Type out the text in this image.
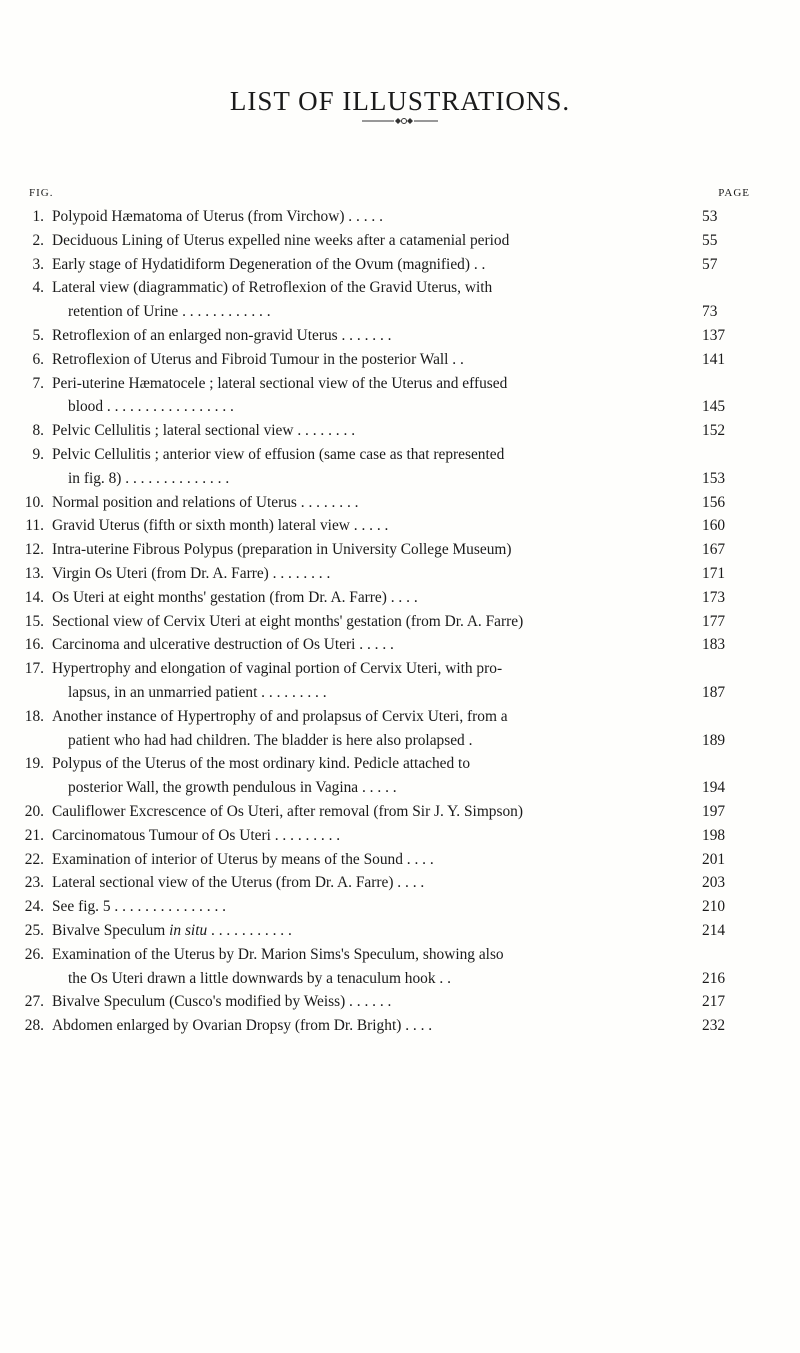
LIST OF ILLUSTRATIONS.
FIG.	PAGE
1. Polypoid Hæmatoma of Uterus (from Virchow) . . . . .	53
2. Deciduous Lining of Uterus expelled nine weeks after a catamenial period	55
3. Early stage of Hydatidiform Degeneration of the Ovum (magnified) . .	57
4. Lateral view (diagrammatic) of Retroflexion of the Gravid Uterus, with
retention of Urine . . . . . . . . . . . .	73
5. Retroflexion of an enlarged non-gravid Uterus . . . . . . .	137
6. Retroflexion of Uterus and Fibroid Tumour in the posterior Wall . .	141
7. Peri-uterine Hæmatocele ; lateral sectional view of the Uterus and effused
blood . . . . . . . . . . . . . . . . .	145
8. Pelvic Cellulitis ; lateral sectional view . . . . . . . .	152
9. Pelvic Cellulitis ; anterior view of effusion (same case as that represented
in fig. 8) . . . . . . . . . . . . . .	153
10. Normal position and relations of Uterus . . . . . . . .	156
11. Gravid Uterus (fifth or sixth month) lateral view . . . . .	160
12. Intra-uterine Fibrous Polypus (preparation in University College Museum)	167
13. Virgin Os Uteri (from Dr. A. Farre) . . . . . . . .	171
14. Os Uteri at eight months' gestation (from Dr. A. Farre) . . . .	173
15. Sectional view of Cervix Uteri at eight months' gestation (from Dr. A. Farre)	177
16. Carcinoma and ulcerative destruction of Os Uteri . . . . .	183
17. Hypertrophy and elongation of vaginal portion of Cervix Uteri, with pro-
lapsus, in an unmarried patient . . . . . . . . .	187
18. Another instance of Hypertrophy of and prolapsus of Cervix Uteri, from a
patient who had had children. The bladder is here also prolapsed .	189
19. Polypus of the Uterus of the most ordinary kind. Pedicle attached to
posterior Wall, the growth pendulous in Vagina . . . . .	194
20. Cauliflower Excrescence of Os Uteri, after removal (from Sir J. Y. Simpson)	197
21. Carcinomatous Tumour of Os Uteri . . . . . . . . .	198
22. Examination of interior of Uterus by means of the Sound . . . .	201
23. Lateral sectional view of the Uterus (from Dr. A. Farre) . . . .	203
24. See fig. 5 . . . . . . . . . . . . . . .	210
25. Bivalve Speculum in situ . . . . . . . . . . .	214
26. Examination of the Uterus by Dr. Marion Sims's Speculum, showing also
the Os Uteri drawn a little downwards by a tenaculum hook . .	216
27. Bivalve Speculum (Cusco's modified by Weiss) . . . . . .	217
28. Abdomen enlarged by Ovarian Dropsy (from Dr. Bright) . . . .	232
